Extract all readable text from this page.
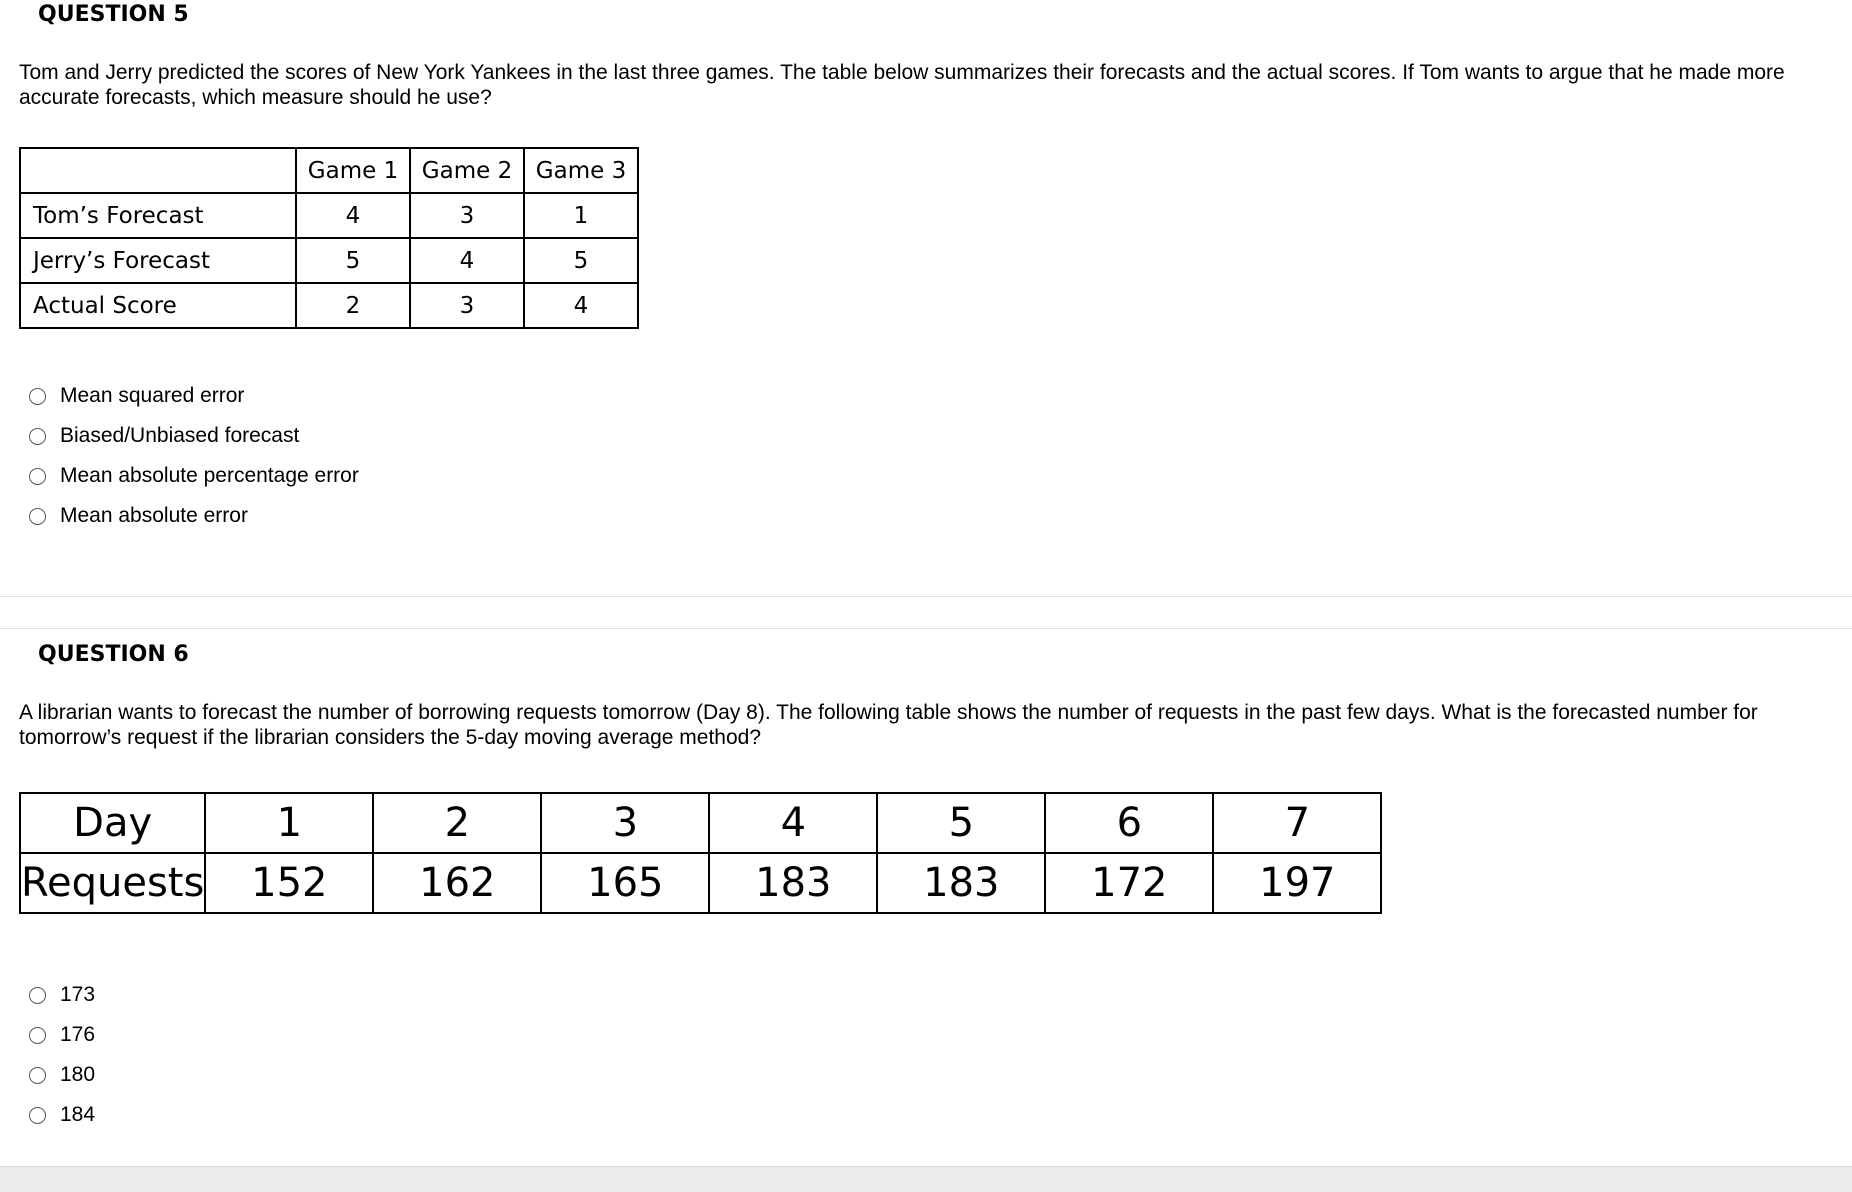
QUESTION 5
Tom and Jerry predicted the scores of New York Yankees in the last three games. The table below summarizes their forecasts and the actual scores. If Tom wants to argue that he made more accurate forecasts, which measure should he use?
	Game 1	Game 2	Game 3
Tom’s Forecast	4	3	1
Jerry’s Forecast	5	4	5
Actual Score	2	3	4
Mean squared error
Biased/Unbiased forecast
Mean absolute percentage error
Mean absolute error
QUESTION 6
A librarian wants to forecast the number of borrowing requests tomorrow (Day 8). The following table shows the number of requests in the past few days. What is the forecasted number for tomorrow’s request if the librarian considers the 5-day moving average method?
Day	1	2	3	4	5	6	7
Requests	152	162	165	183	183	172	197
173
176
180
184
